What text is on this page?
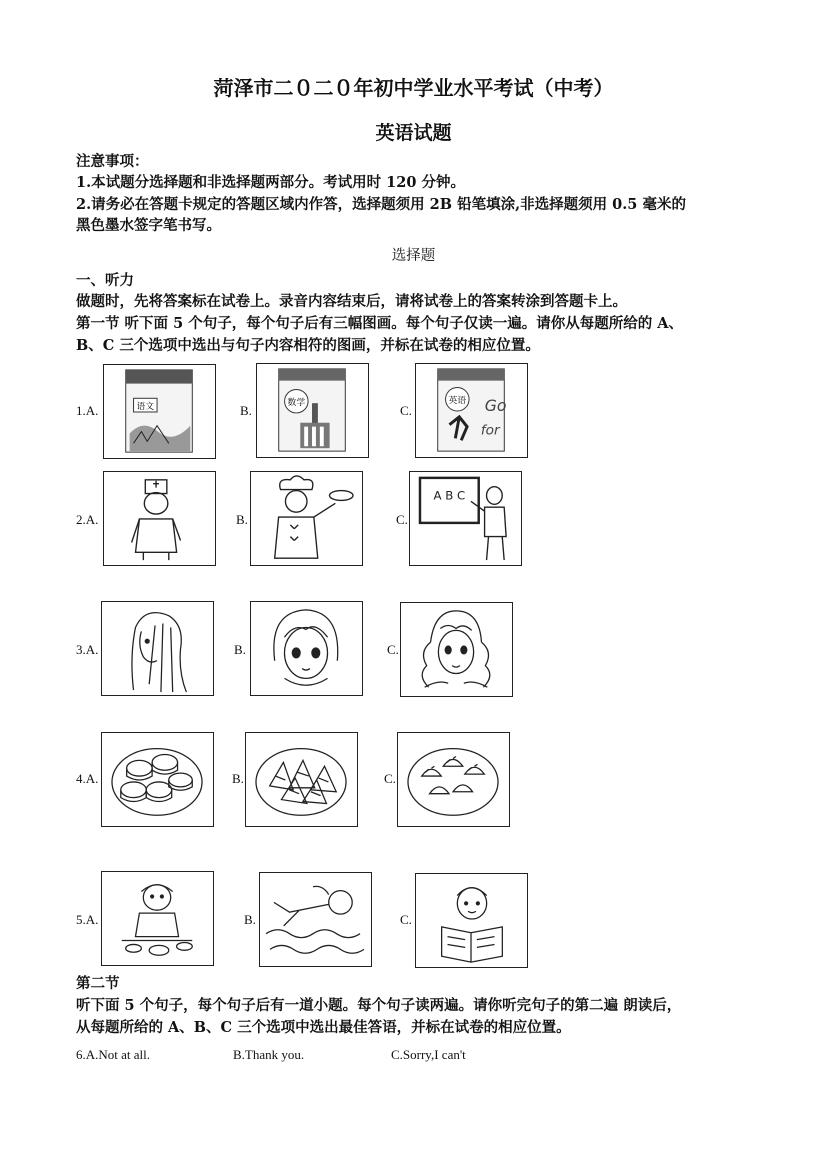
菏泽市二０二０年初中学业水平考试（中考）
英语试题
注意事项：
1.本试题分选择题和非选择题两部分。考试用时 120 分钟。
2.请务必在答题卡规定的答题区域内作答，选择题须用 2B 铅笔填涂,非选择题须用 0.5 毫米的
黑色墨水签字笔书写。
选择题
一、听力
做题时，先将答案标在试卷上。录音内容结束后，请将试卷上的答案转涂到答题卡上。
第一节 听下面 5 个句子，每个句子后有三幅图画。每个句子仅读一遍。请你从每题所给的 A、
B、C 三个选项中选出与句子内容相符的图画，并标在试卷的相应位置。
1.A.	语文	B.	数学	C.
英语 Go
for
2.A.	B.	C.
A B C
3.A.	B.	C.
4.A.	B.	C.
5.A.	B.	C.
第二节
听下面 5 个句子，每个句子后有一道小题。每个句子读两遍。请你听完句子的第二遍 朗读后，
从每题所给的 A、B、C 三个选项中选出最佳答语，并标在试卷的相应位置。
6.A.Not at all.	B.Thank you.	C.Sorry,I can't
